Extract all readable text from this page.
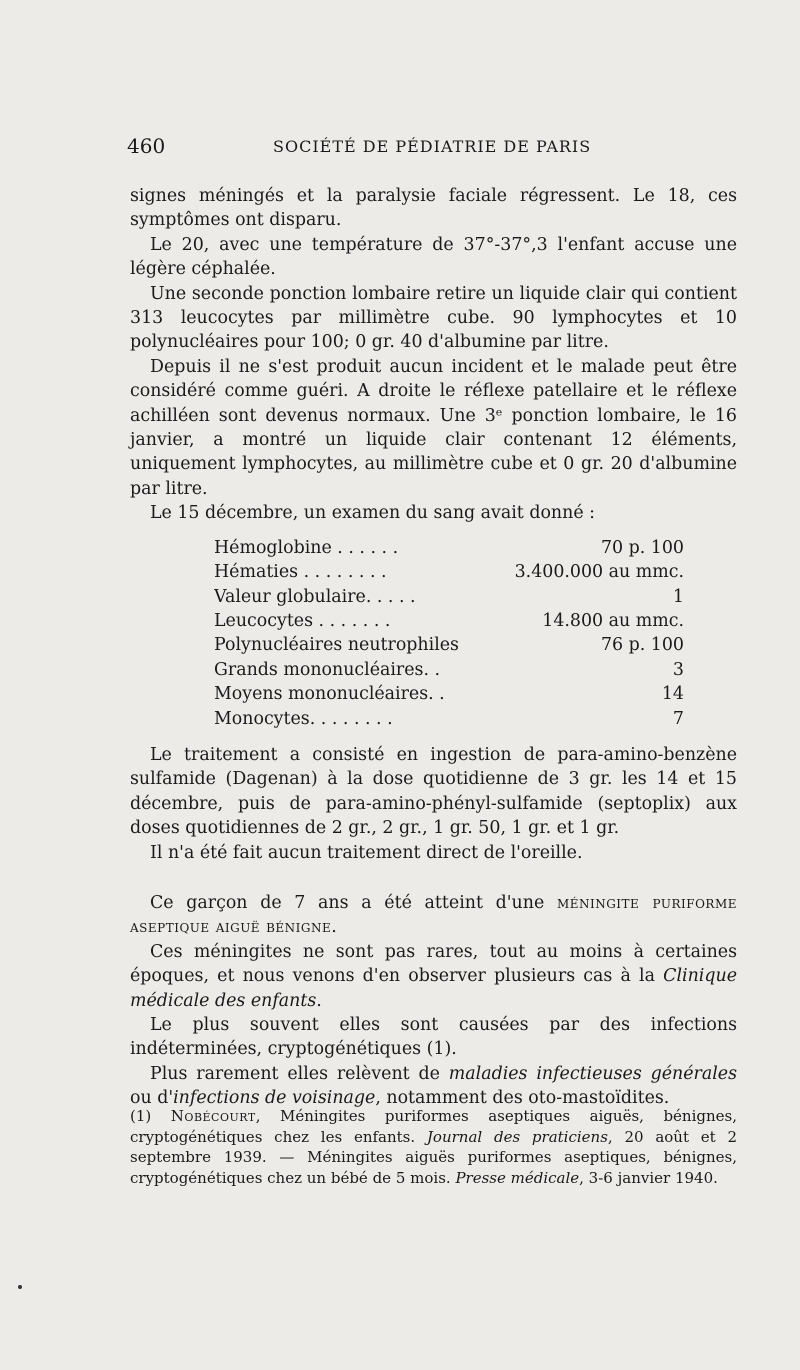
460	SOCIÉTÉ DE PÉDIATRIE DE PARIS

signes méningés et la paralysie faciale régressent. Le 18, ces symptômes ont disparu.

Le 20, avec une température de 37°-37°,3 l'enfant accuse une légère céphalée.

Une seconde ponction lombaire retire un liquide clair qui contient 313 leucocytes par millimètre cube. 90 lymphocytes et 10 polynucléaires pour 100; 0 gr. 40 d'albumine par litre.

Depuis il ne s'est produit aucun incident et le malade peut être considéré comme guéri. A droite le réflexe patellaire et le réflexe achilléen sont devenus normaux. Une 3ᵉ ponction lombaire, le 16 janvier, a montré un liquide clair contenant 12 éléments, uniquement lymphocytes, au millimètre cube et 0 gr. 20 d'albumine par litre.

Le 15 décembre, un examen du sang avait donné :

Hémoglobine . . . . . .	70 p. 100
Hématies . . . . . . . .	3.400.000 au mmc.
Valeur globulaire. . . . .	1
Leucocytes . . . . . . .	14.800 au mmc.
Polynucléaires neutrophiles	76 p. 100
Grands mononucléaires. .	3
Moyens mononucléaires. .	14
Monocytes. . . . . . . .	7

Le traitement a consisté en ingestion de para-amino-benzène sulfamide (Dagenan) à la dose quotidienne de 3 gr. les 14 et 15 décembre, puis de para-amino-phényl-sulfamide (septoplix) aux doses quotidiennes de 2 gr., 2 gr., 1 gr. 50, 1 gr. et 1 gr.

Il n'a été fait aucun traitement direct de l'oreille.

Ce garçon de 7 ans a été atteint d'une méningite puriforme aseptique aiguë bénigne.

Ces méningites ne sont pas rares, tout au moins à certaines époques, et nous venons d'en observer plusieurs cas à la Clinique médicale des enfants.

Le plus souvent elles sont causées par des infections indéterminées, cryptogénétiques (1).

Plus rarement elles relèvent de maladies infectieuses générales ou d'infections de voisinage, notamment des oto-mastoïdites.

(1) Nobécourt, Méningites puriformes aseptiques aiguës, bénignes, cryptogénétiques chez les enfants. Journal des praticiens, 20 août et 2 septembre 1939. — Méningites aiguës puriformes aseptiques, bénignes, cryptogénétiques chez un bébé de 5 mois. Presse médicale, 3-6 janvier 1940.
